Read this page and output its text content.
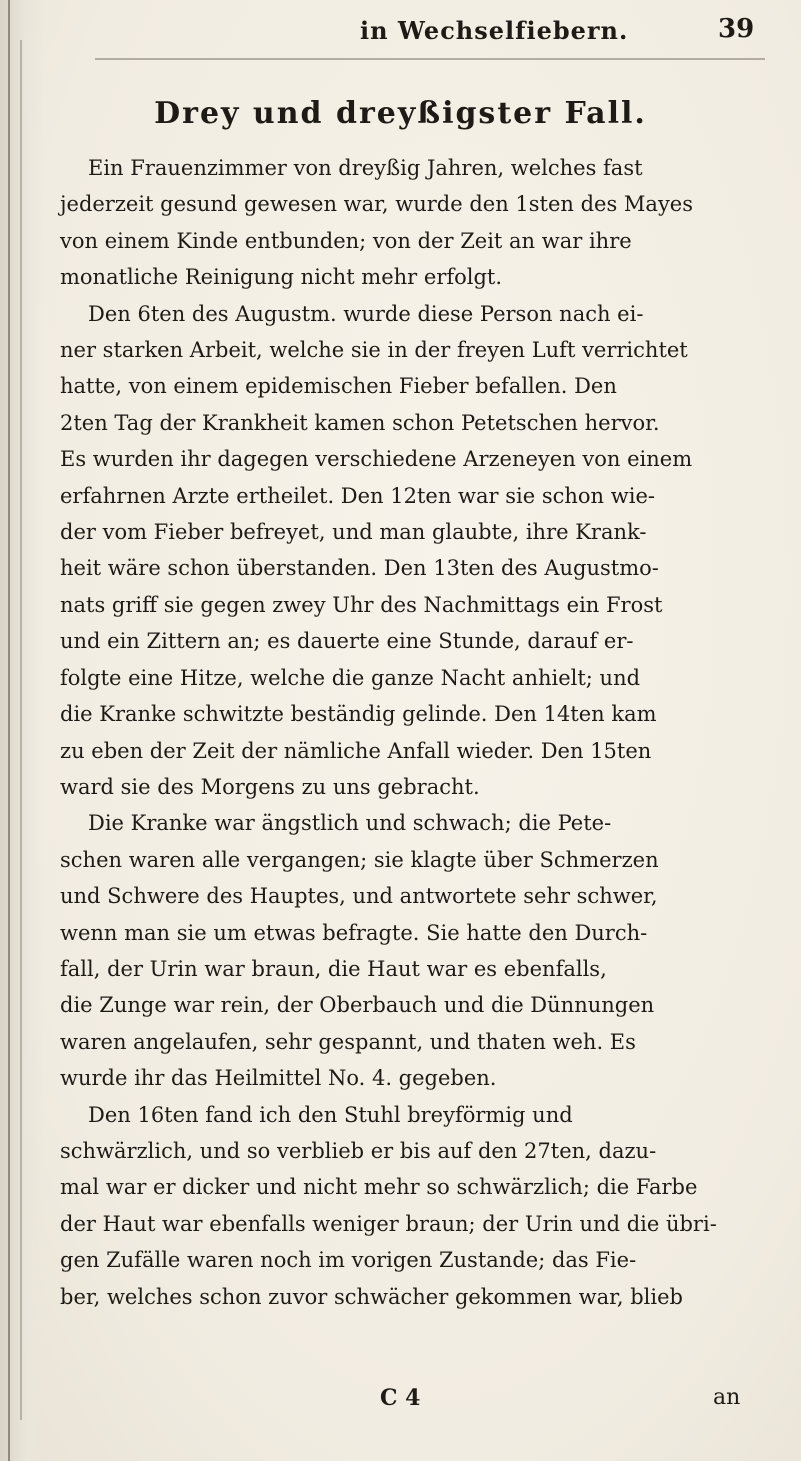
in Wechselfiebern.	39
Drey und dreyßigster Fall.

Ein Frauenzimmer von dreyßig Jahren, welches fast

jederzeit gesund gewesen war, wurde den 1sten des Mayes

von einem Kinde entbunden; von der Zeit an war ihre

monatliche Reinigung nicht mehr erfolgt.

Den 6ten des Augustm. wurde diese Person nach ei-

ner starken Arbeit, welche sie in der freyen Luft verrichtet

hatte, von einem epidemischen Fieber befallen. Den

2ten Tag der Krankheit kamen schon Petetschen hervor.

Es wurden ihr dagegen verschiedene Arzeneyen von einem

erfahrnen Arzte ertheilet. Den 12ten war sie schon wie-

der vom Fieber befreyet, und man glaubte, ihre Krank-

heit wäre schon überstanden. Den 13ten des Augustmo-

nats griff sie gegen zwey Uhr des Nachmittags ein Frost

und ein Zittern an; es dauerte eine Stunde, darauf er-

folgte eine Hitze, welche die ganze Nacht anhielt; und

die Kranke schwitzte beständig gelinde. Den 14ten kam

zu eben der Zeit der nämliche Anfall wieder. Den 15ten

ward sie des Morgens zu uns gebracht.

Die Kranke war ängstlich und schwach; die Pete-

schen waren alle vergangen; sie klagte über Schmerzen

und Schwere des Hauptes, und antwortete sehr schwer,

wenn man sie um etwas befragte. Sie hatte den Durch-

fall, der Urin war braun, die Haut war es ebenfalls,

die Zunge war rein, der Oberbauch und die Dünnungen

waren angelaufen, sehr gespannt, und thaten weh. Es

wurde ihr das Heilmittel No. 4. gegeben.

Den 16ten fand ich den Stuhl breyförmig und

schwärzlich, und so verblieb er bis auf den 27ten, dazu-

mal war er dicker und nicht mehr so schwärzlich; die Farbe

der Haut war ebenfalls weniger braun; der Urin und die übri-

gen Zufälle waren noch im vorigen Zustande; das Fie-

ber, welches schon zuvor schwächer gekommen war, blieb

C 4	an
